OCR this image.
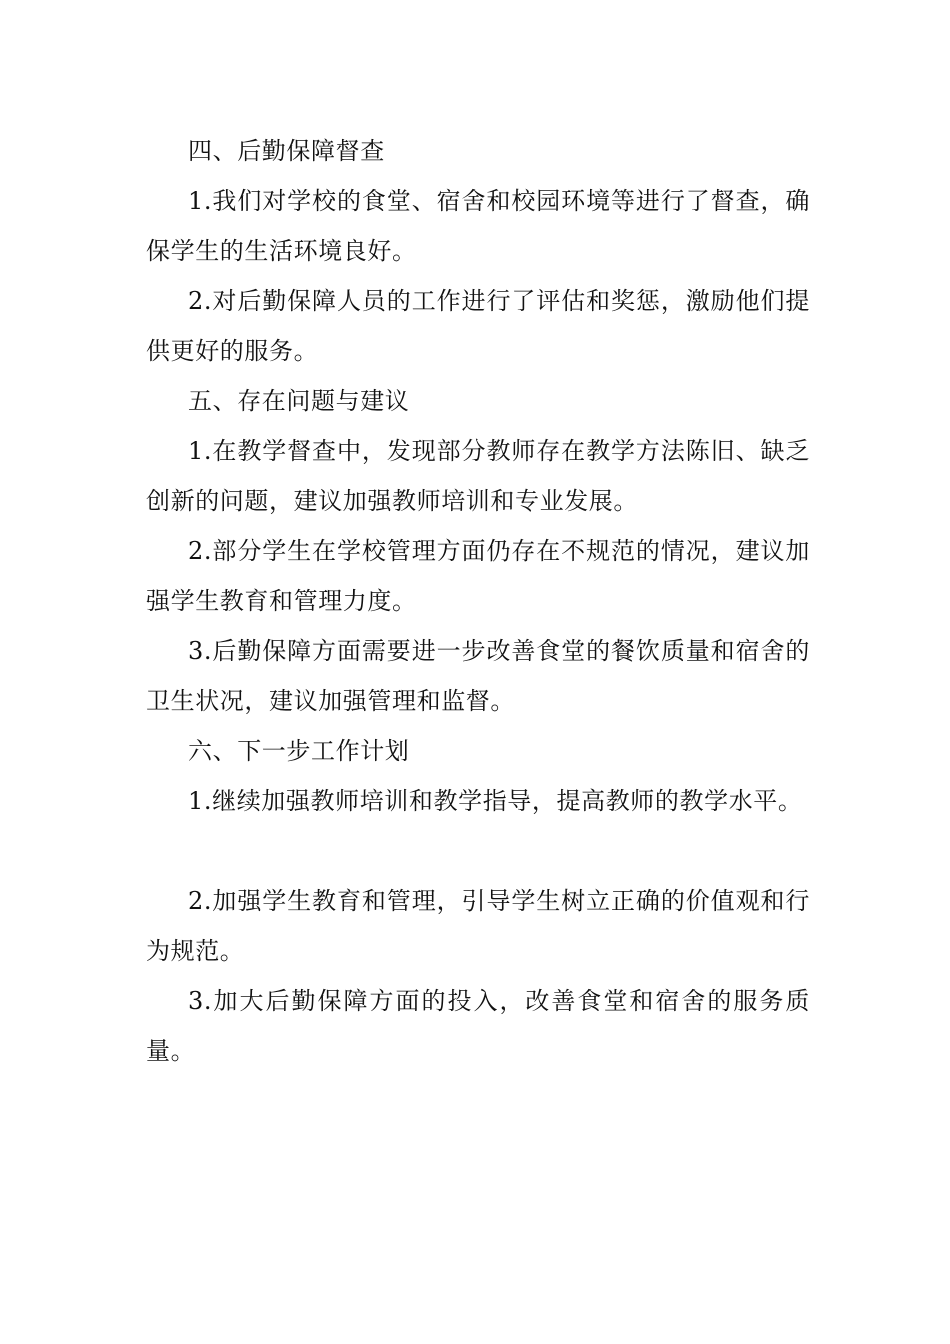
四、后勤保障督查

1.我们对学校的食堂、宿舍和校园环境等进行了督查，确保学生的生活环境良好。

2.对后勤保障人员的工作进行了评估和奖惩，激励他们提供更好的服务。

五、存在问题与建议

1.在教学督查中，发现部分教师存在教学方法陈旧、缺乏创新的问题，建议加强教师培训和专业发展。

2.部分学生在学校管理方面仍存在不规范的情况，建议加强学生教育和管理力度。

3.后勤保障方面需要进一步改善食堂的餐饮质量和宿舍的卫生状况，建议加强管理和监督。

六、下一步工作计划

1.继续加强教师培训和教学指导，提高教师的教学水平。

2.加强学生教育和管理，引导学生树立正确的价值观和行为规范。

3.加大后勤保障方面的投入，改善食堂和宿舍的服务质量。
